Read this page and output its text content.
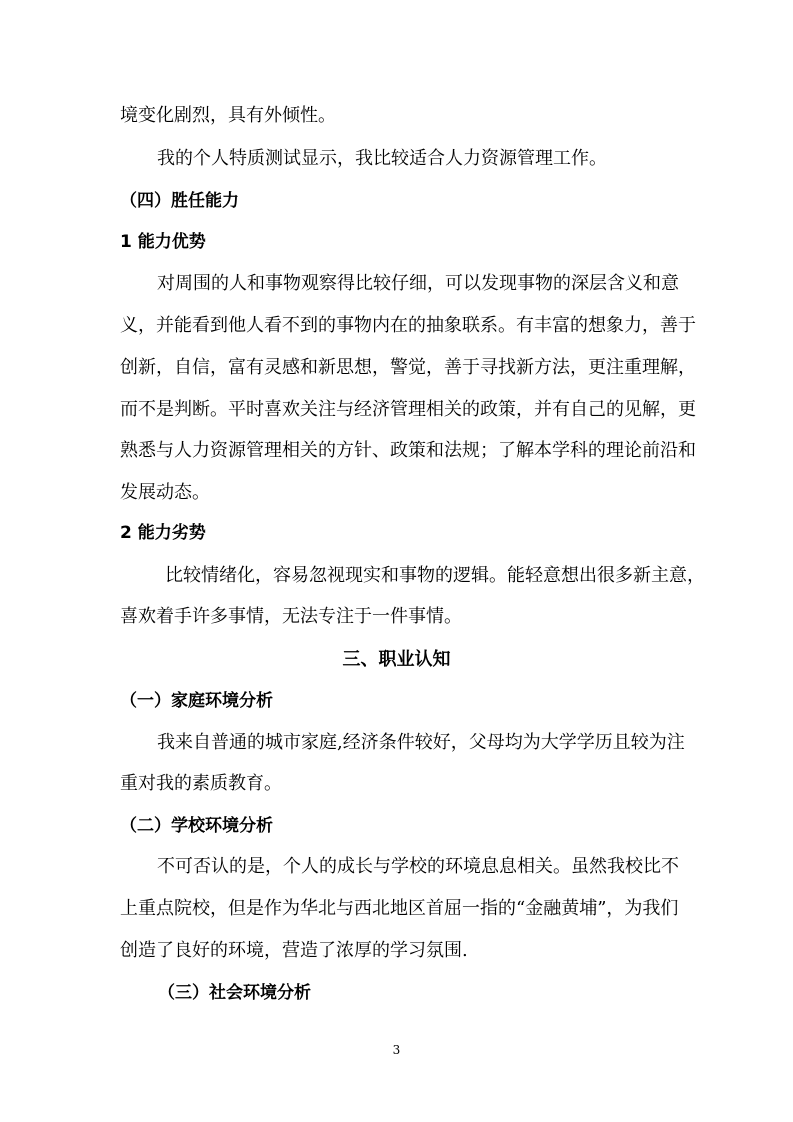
境变化剧烈，具有外倾性。
我的个人特质测试显示，我比较适合人力资源管理工作。
（四）胜任能力
1 能力优势
对周围的人和事物观察得比较仔细，可以发现事物的深层含义和意
义，并能看到他人看不到的事物内在的抽象联系。有丰富的想象力，善于
创新，自信，富有灵感和新思想，警觉，善于寻找新方法，更注重理解，
而不是判断。平时喜欢关注与经济管理相关的政策，并有自己的见解，更
熟悉与人力资源管理相关的方针、政策和法规；了解本学科的理论前沿和
发展动态。
2 能力劣势
比较情绪化，容易忽视现实和事物的逻辑。能轻意想出很多新主意，
喜欢着手许多事情，无法专注于一件事情。
三、职业认知
（一）家庭环境分析
我来自普通的城市家庭,经济条件较好，父母均为大学学历且较为注
重对我的素质教育。
（二）学校环境分析
不可否认的是，个人的成长与学校的环境息息相关。虽然我校比不
上重点院校，但是作为华北与西北地区首屈一指的“金融黄埔”，为我们
创造了良好的环境，营造了浓厚的学习氛围.
（三）社会环境分析
3
